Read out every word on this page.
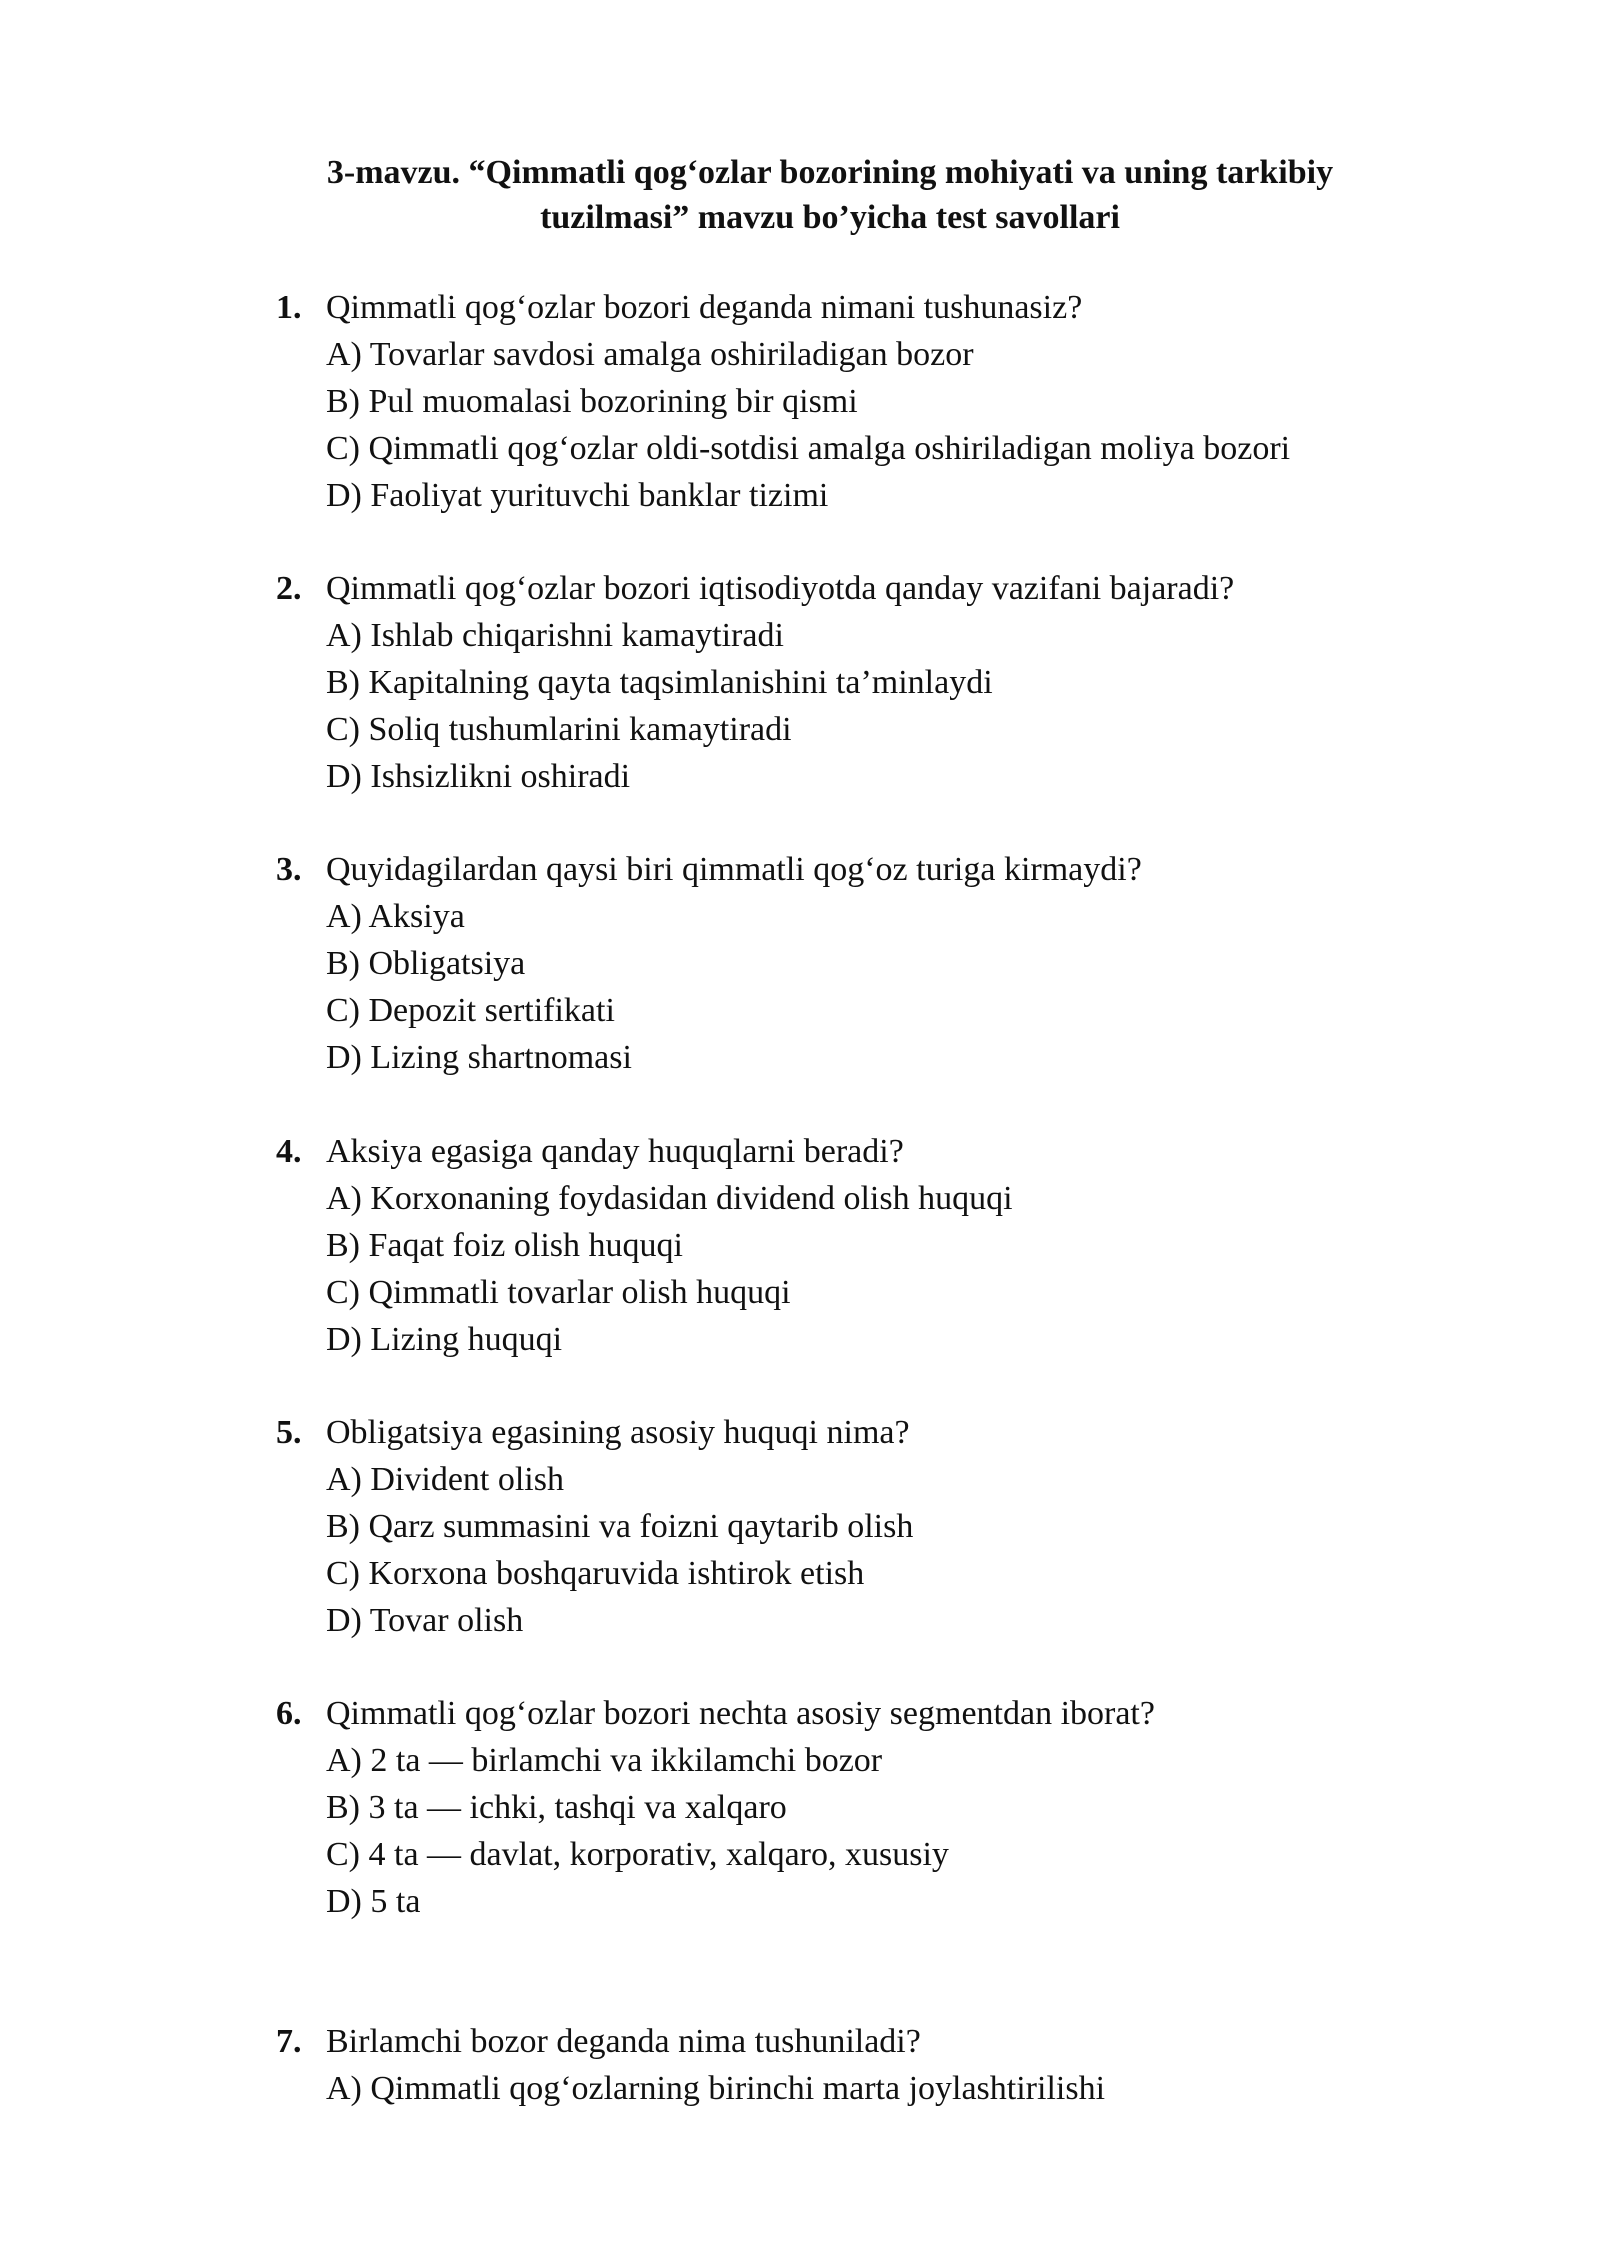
3-mavzu. “Qimmatli qog‘ozlar bozorining mohiyati va uning tarkibiy
tuzilmasi” mavzu bo’yicha test savollari
1. Qimmatli qog‘ozlar bozori deganda nimani tushunasiz?
A) Tovarlar savdosi amalga oshiriladigan bozor
B) Pul muomalasi bozorining bir qismi
C) Qimmatli qog‘ozlar oldi-sotdisi amalga oshiriladigan moliya bozori
D) Faoliyat yurituvchi banklar tizimi
2. Qimmatli qog‘ozlar bozori iqtisodiyotda qanday vazifani bajaradi?
A) Ishlab chiqarishni kamaytiradi
B) Kapitalning qayta taqsimlanishini ta’minlaydi
C) Soliq tushumlarini kamaytiradi
D) Ishsizlikni oshiradi
3. Quyidagilardan qaysi biri qimmatli qog‘oz turiga kirmaydi?
A) Aksiya
B) Obligatsiya
C) Depozit sertifikati
D) Lizing shartnomasi
4. Aksiya egasiga qanday huquqlarni beradi?
A) Korxonaning foydasidan dividend olish huquqi
B) Faqat foiz olish huquqi
C) Qimmatli tovarlar olish huquqi
D) Lizing huquqi
5. Obligatsiya egasining asosiy huquqi nima?
A) Divident olish
B) Qarz summasini va foizni qaytarib olish
C) Korxona boshqaruvida ishtirok etish
D) Tovar olish
6. Qimmatli qog‘ozlar bozori nechta asosiy segmentdan iborat?
A) 2 ta — birlamchi va ikkilamchi bozor
B) 3 ta — ichki, tashqi va xalqaro
C) 4 ta — davlat, korporativ, xalqaro, xususiy
D) 5 ta
7. Birlamchi bozor deganda nima tushuniladi?
A) Qimmatli qog‘ozlarning birinchi marta joylashtirilishi
